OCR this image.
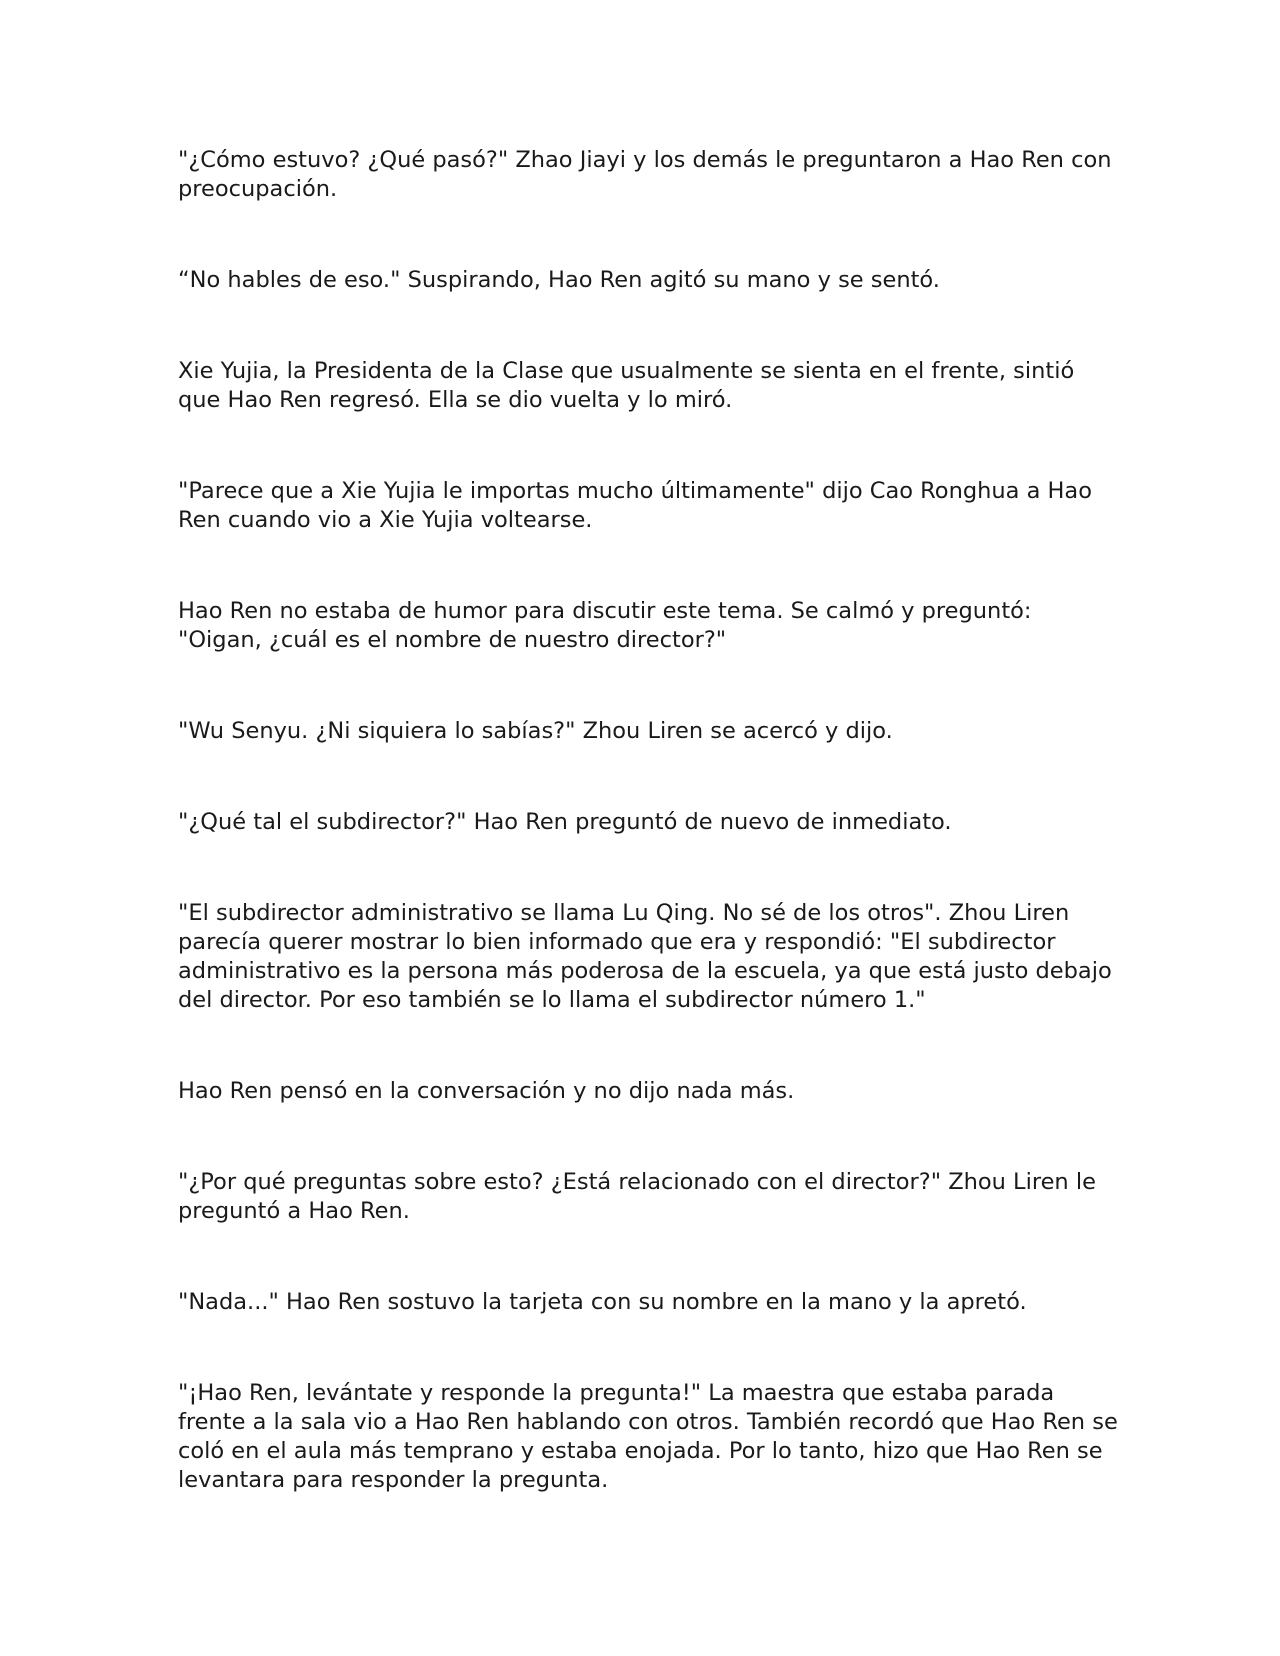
"¿Cómo estuvo? ¿Qué pasó?" Zhao Jiayi y los demás le preguntaron a Hao Ren con preocupación.

“No hables de eso." Suspirando, Hao Ren agitó su mano y se sentó.

Xie Yujia, la Presidenta de la Clase que usualmente se sienta en el frente, sintió que Hao Ren regresó. Ella se dio vuelta y lo miró.

"Parece que a Xie Yujia le importas mucho últimamente" dijo Cao Ronghua a Hao Ren cuando vio a Xie Yujia voltearse.

Hao Ren no estaba de humor para discutir este tema. Se calmó y preguntó: "Oigan, ¿cuál es el nombre de nuestro director?"

"Wu Senyu. ¿Ni siquiera lo sabías?" Zhou Liren se acercó y dijo.

"¿Qué tal el subdirector?" Hao Ren preguntó de nuevo de inmediato.

"El subdirector administrativo se llama Lu Qing. No sé de los otros". Zhou Liren parecía querer mostrar lo bien informado que era y respondió: "El subdirector administrativo es la persona más poderosa de la escuela, ya que está justo debajo del director. Por eso también se lo llama el subdirector número 1."

Hao Ren pensó en la conversación y no dijo nada más.

"¿Por qué preguntas sobre esto? ¿Está relacionado con el director?" Zhou Liren le preguntó a Hao Ren.

"Nada..." Hao Ren sostuvo la tarjeta con su nombre en la mano y la apretó.

"¡Hao Ren, levántate y responde la pregunta!" La maestra que estaba parada frente a la sala vio a Hao Ren hablando con otros. También recordó que Hao Ren se coló en el aula más temprano y estaba enojada. Por lo tanto, hizo que Hao Ren se levantara para responder la pregunta.
